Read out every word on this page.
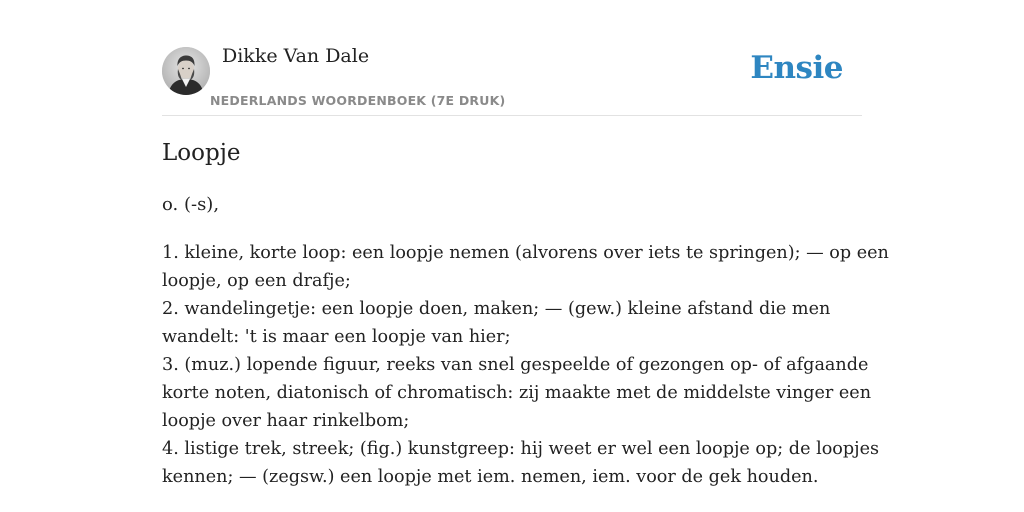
Dikke Van Dale
NEDERLANDS WOORDENBOEK (7E DRUK)
Ensie
Loopje
o. (-s),
1. kleine, korte loop: een loopje nemen (alvorens over iets te springen); — op een
loopje, op een drafje;
2. wandelingetje: een loopje doen, maken; — (gew.) kleine afstand die men
wandelt: 't is maar een loopje van hier;
3. (muz.) lopende figuur, reeks van snel gespeelde of gezongen op- of afgaande
korte noten, diatonisch of chromatisch: zij maakte met de middelste vinger een
loopje over haar rinkelbom;
4. listige trek, streek; (fig.) kunstgreep: hij weet er wel een loopje op; de loopjes
kennen; — (zegsw.) een loopje met iem. nemen, iem. voor de gek houden.
